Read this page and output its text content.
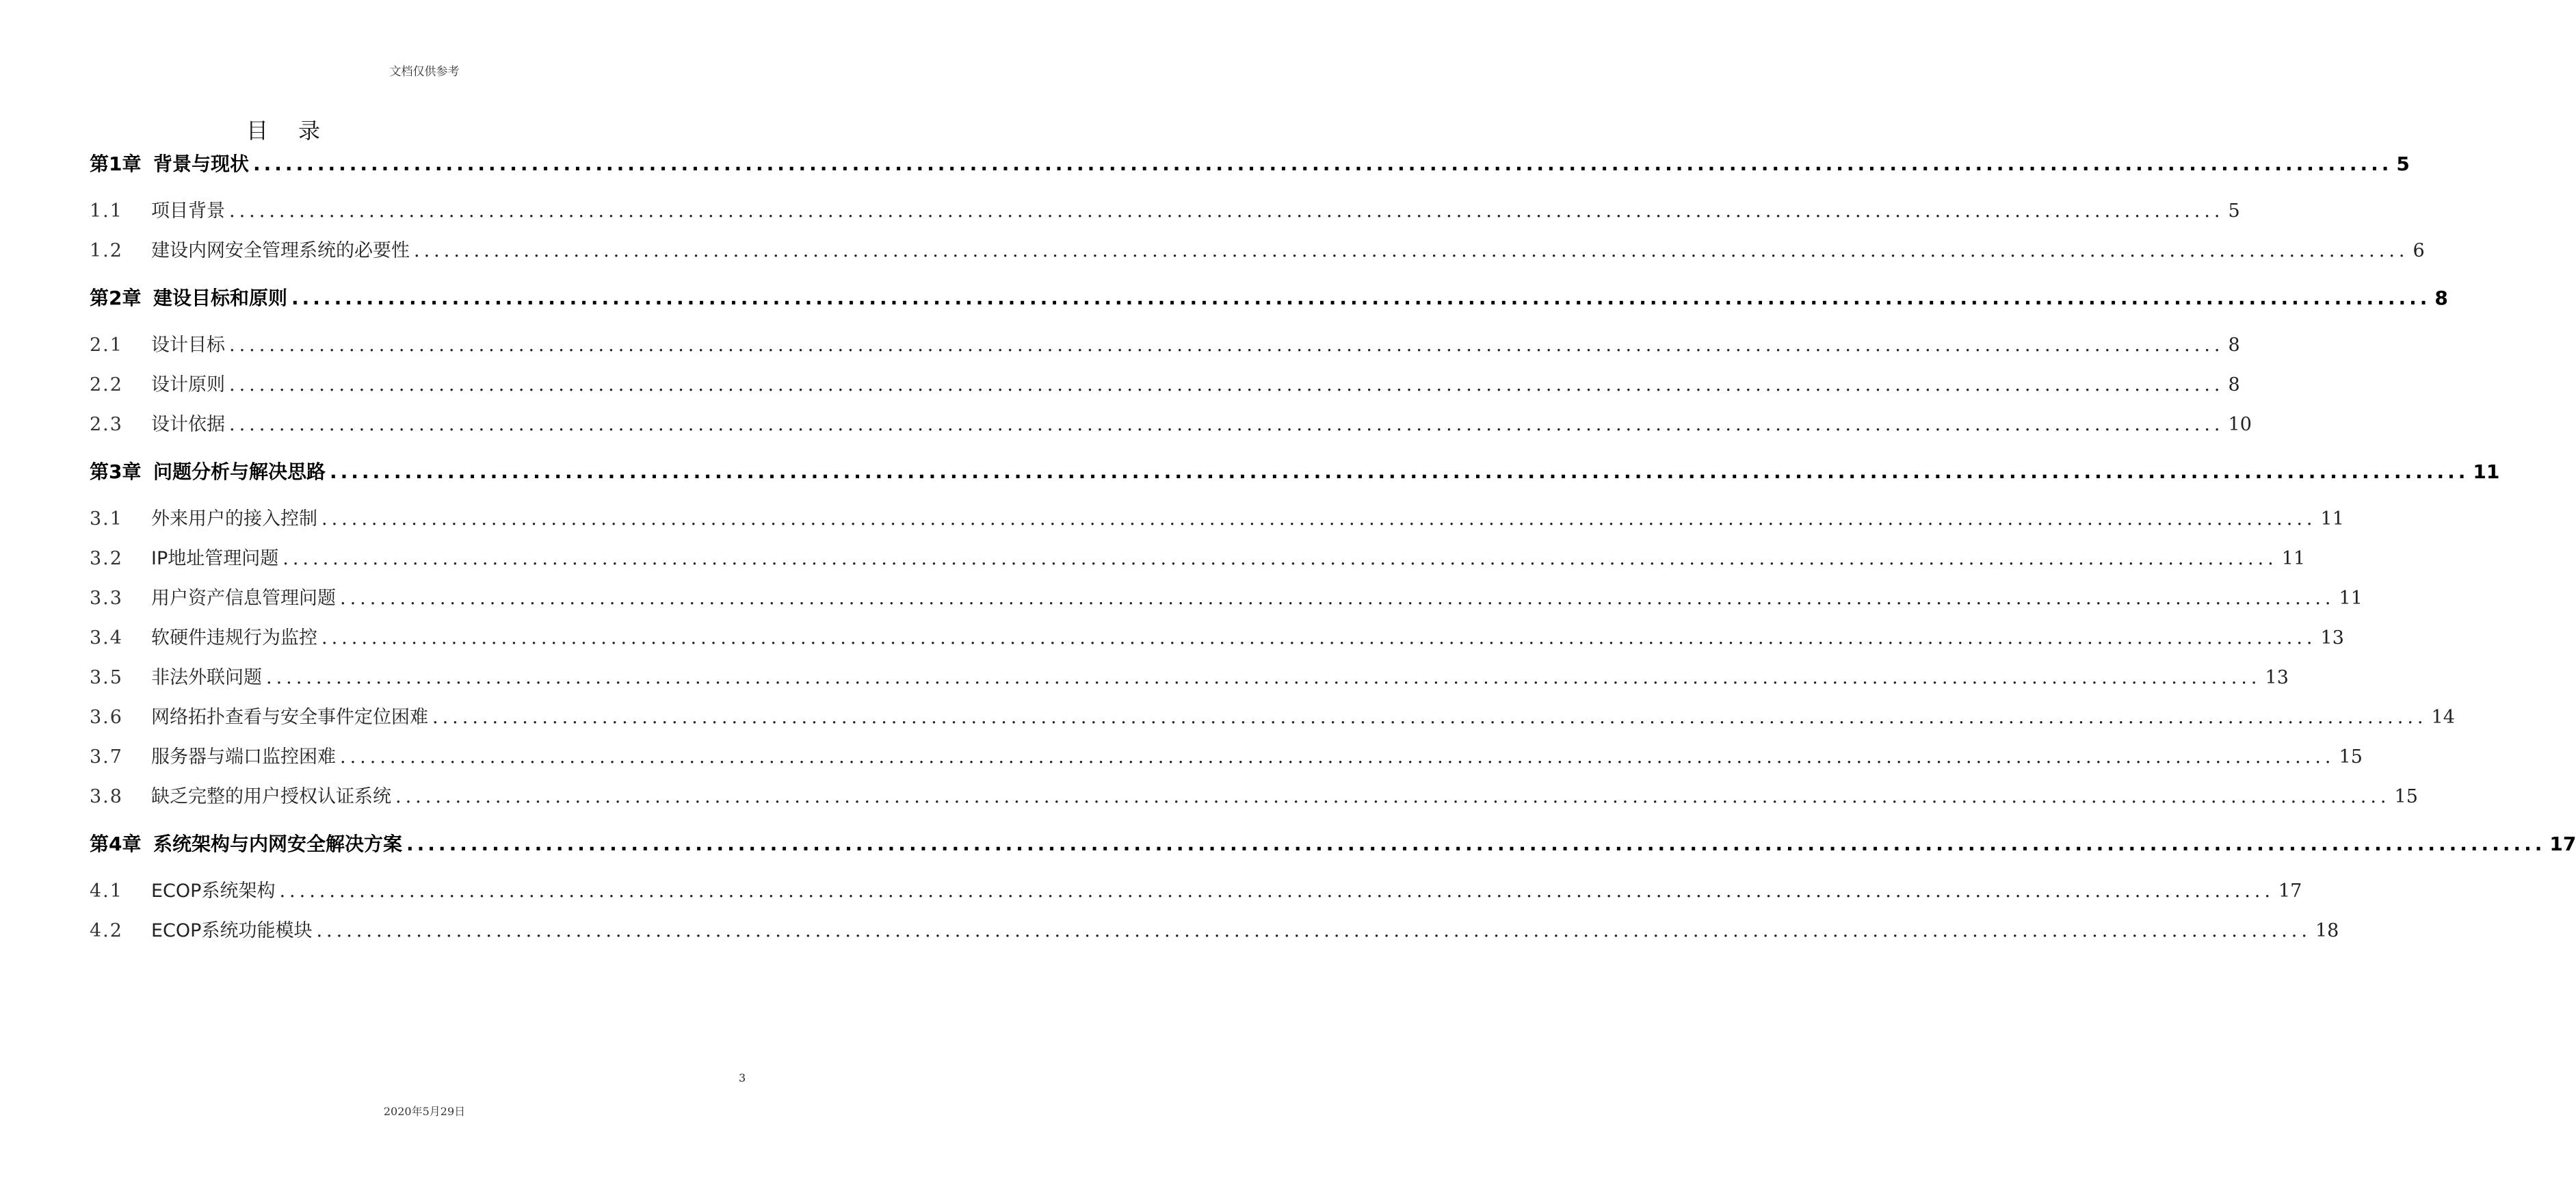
文档仅供参考
目录
第1章 背景与现状 ........................................................................................................................................................................................................ 5
1.1	项目背景 ........................................................................................................................................................................................................ 5
1.2	建设内网安全管理系统的必要性 ........................................................................................................................................................................................................ 6
第2章 建设目标和原则 ........................................................................................................................................................................................................ 8
2.1	设计目标 ........................................................................................................................................................................................................ 8
2.2	设计原则 ........................................................................................................................................................................................................ 8
2.3	设计依据 ........................................................................................................................................................................................................ 10
第3章 问题分析与解决思路 ........................................................................................................................................................................................................ 11
3.1	外来用户的接入控制 ........................................................................................................................................................................................................ 11
3.2	IP地址管理问题 ........................................................................................................................................................................................................ 11
3.3	用户资产信息管理问题 ........................................................................................................................................................................................................ 11
3.4	软硬件违规行为监控 ........................................................................................................................................................................................................ 13
3.5	非法外联问题 ........................................................................................................................................................................................................ 13
3.6	网络拓扑查看与安全事件定位困难 ........................................................................................................................................................................................................ 14
3.7	服务器与端口监控困难 ........................................................................................................................................................................................................ 15
3.8	缺乏完整的用户授权认证系统 ........................................................................................................................................................................................................ 15
第4章 系统架构与内网安全解决方案 ........................................................................................................................................................................................................ 17
4.1	ECOP系统架构 ........................................................................................................................................................................................................ 17
4.2	ECOP系统功能模块 ........................................................................................................................................................................................................ 18
3
2020年5月29日
